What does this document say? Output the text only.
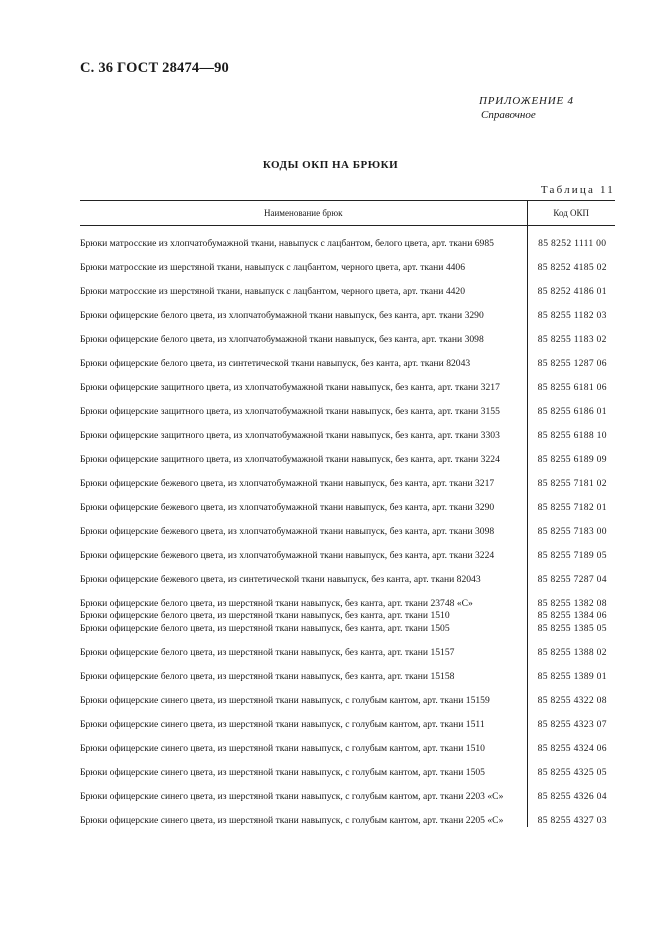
С. 36 ГОСТ 28474—90
ПРИЛОЖЕНИЕ 4
Справочное
КОДЫ ОКП НА БРЮКИ
Таблица 11
Наименование брюк	Код ОКП
Брюки матросские из хлопчатобумажной ткани, навыпуск с лацбантом, белого цвета, арт. ткани 6985	85 8252 1111 00
Брюки матросские из шерстяной ткани, навыпуск с лацбантом, черного цвета, арт. ткани 4406	85 8252 4185 02
Брюки матросские из шерстяной ткани, навыпуск с лацбантом, черного цвета, арт. ткани 4420	85 8252 4186 01
Брюки офицерские белого цвета, из хлопчатобумажной ткани навыпуск, без канта, арт. ткани 3290	85 8255 1182 03
Брюки офицерские белого цвета, из хлопчатобумажной ткани навыпуск, без канта, арт. ткани 3098	85 8255 1183 02
Брюки офицерские белого цвета, из синтетической ткани навыпуск, без канта, арт. ткани 82043	85 8255 1287 06
Брюки офицерские защитного цвета, из хлопчатобумажной ткани навыпуск, без канта, арт. ткани 3217	85 8255 6181 06
Брюки офицерские защитного цвета, из хлопчатобумажной ткани навыпуск, без канта, арт. ткани 3155	85 8255 6186 01
Брюки офицерские защитного цвета, из хлопчатобумажной ткани навыпуск, без канта, арт. ткани 3303	85 8255 6188 10
Брюки офицерские защитного цвета, из хлопчатобумажной ткани навыпуск, без канта, арт. ткани 3224	85 8255 6189 09
Брюки офицерские бежевого цвета, из хлопчатобумажной ткани навыпуск, без канта, арт. ткани 3217	85 8255 7181 02
Брюки офицерские бежевого цвета, из хлопчатобумажной ткани навыпуск, без канта, арт. ткани 3290	85 8255 7182 01
Брюки офицерские бежевого цвета, из хлопчатобумажной ткани навыпуск, без канта, арт. ткани 3098	85 8255 7183 00
Брюки офицерские бежевого цвета, из хлопчатобумажной ткани навыпуск, без канта, арт. ткани 3224	85 8255 7189 05
Брюки офицерские бежевого цвета, из синтетической ткани навыпуск, без канта, арт. ткани 82043	85 8255 7287 04
Брюки офицерские белого цвета, из шерстяной ткани навыпуск, без канта, арт. ткани 23748 «С»	85 8255 1382 08
Брюки офицерские белого цвета, из шерстяной ткани навыпуск, без канта, арт. ткани 1510	85 8255 1384 06
Брюки офицерские белого цвета, из шерстяной ткани навыпуск, без канта, арт. ткани 1505	85 8255 1385 05
Брюки офицерские белого цвета, из шерстяной ткани навыпуск, без канта, арт. ткани 15157	85 8255 1388 02
Брюки офицерские белого цвета, из шерстяной ткани навыпуск, без канта, арт. ткани 15158	85 8255 1389 01
Брюки офицерские синего цвета, из шерстяной ткани навыпуск, с голубым кантом, арт. ткани 15159	85 8255 4322 08
Брюки офицерские синего цвета, из шерстяной ткани навыпуск, с голубым кантом, арт. ткани 1511	85 8255 4323 07
Брюки офицерские синего цвета, из шерстяной ткани навыпуск, с голубым кантом, арт. ткани 1510	85 8255 4324 06
Брюки офицерские синего цвета, из шерстяной ткани навыпуск, с голубым кантом, арт. ткани 1505	85 8255 4325 05
Брюки офицерские синего цвета, из шерстяной ткани навыпуск, с голубым кантом, арт. ткани 2203 «С»	85 8255 4326 04
Брюки офицерские синего цвета, из шерстяной ткани навыпуск, с голубым кантом, арт. ткани 2205 «С»	85 8255 4327 03
